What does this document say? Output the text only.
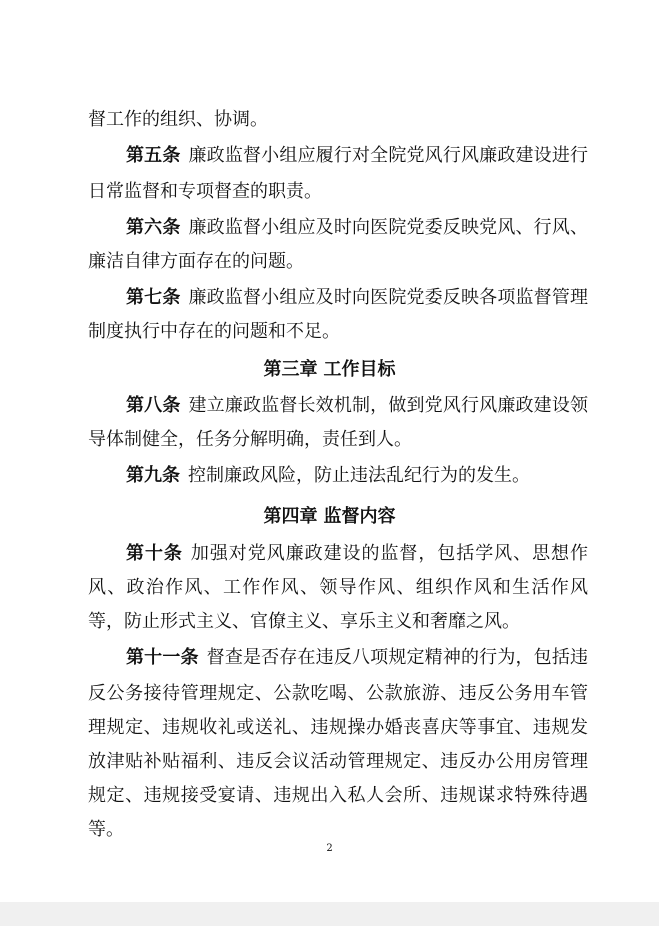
督工作的组织、协调。
第五条 廉政监督小组应履行对全院党风行风廉政建设进行
日常监督和专项督查的职责。
第六条 廉政监督小组应及时向医院党委反映党风、行风、
廉洁自律方面存在的问题。
第七条 廉政监督小组应及时向医院党委反映各项监督管理
制度执行中存在的问题和不足。
第三章 工作目标
第八条 建立廉政监督长效机制，做到党风行风廉政建设领
导体制健全，任务分解明确，责任到人。
第九条 控制廉政风险，防止违法乱纪行为的发生。
第四章 监督内容
第十条 加强对党风廉政建设的监督，包括学风、思想作
风、政治作风、工作作风、领导作风、组织作风和生活作风
等，防止形式主义、官僚主义、享乐主义和奢靡之风。
第十一条 督查是否存在违反八项规定精神的行为，包括违
反公务接待管理规定、公款吃喝、公款旅游、违反公务用车管
理规定、违规收礼或送礼、违规操办婚丧喜庆等事宜、违规发
放津贴补贴福利、违反会议活动管理规定、违反办公用房管理
规定、违规接受宴请、违规出入私人会所、违规谋求特殊待遇
等。
2
